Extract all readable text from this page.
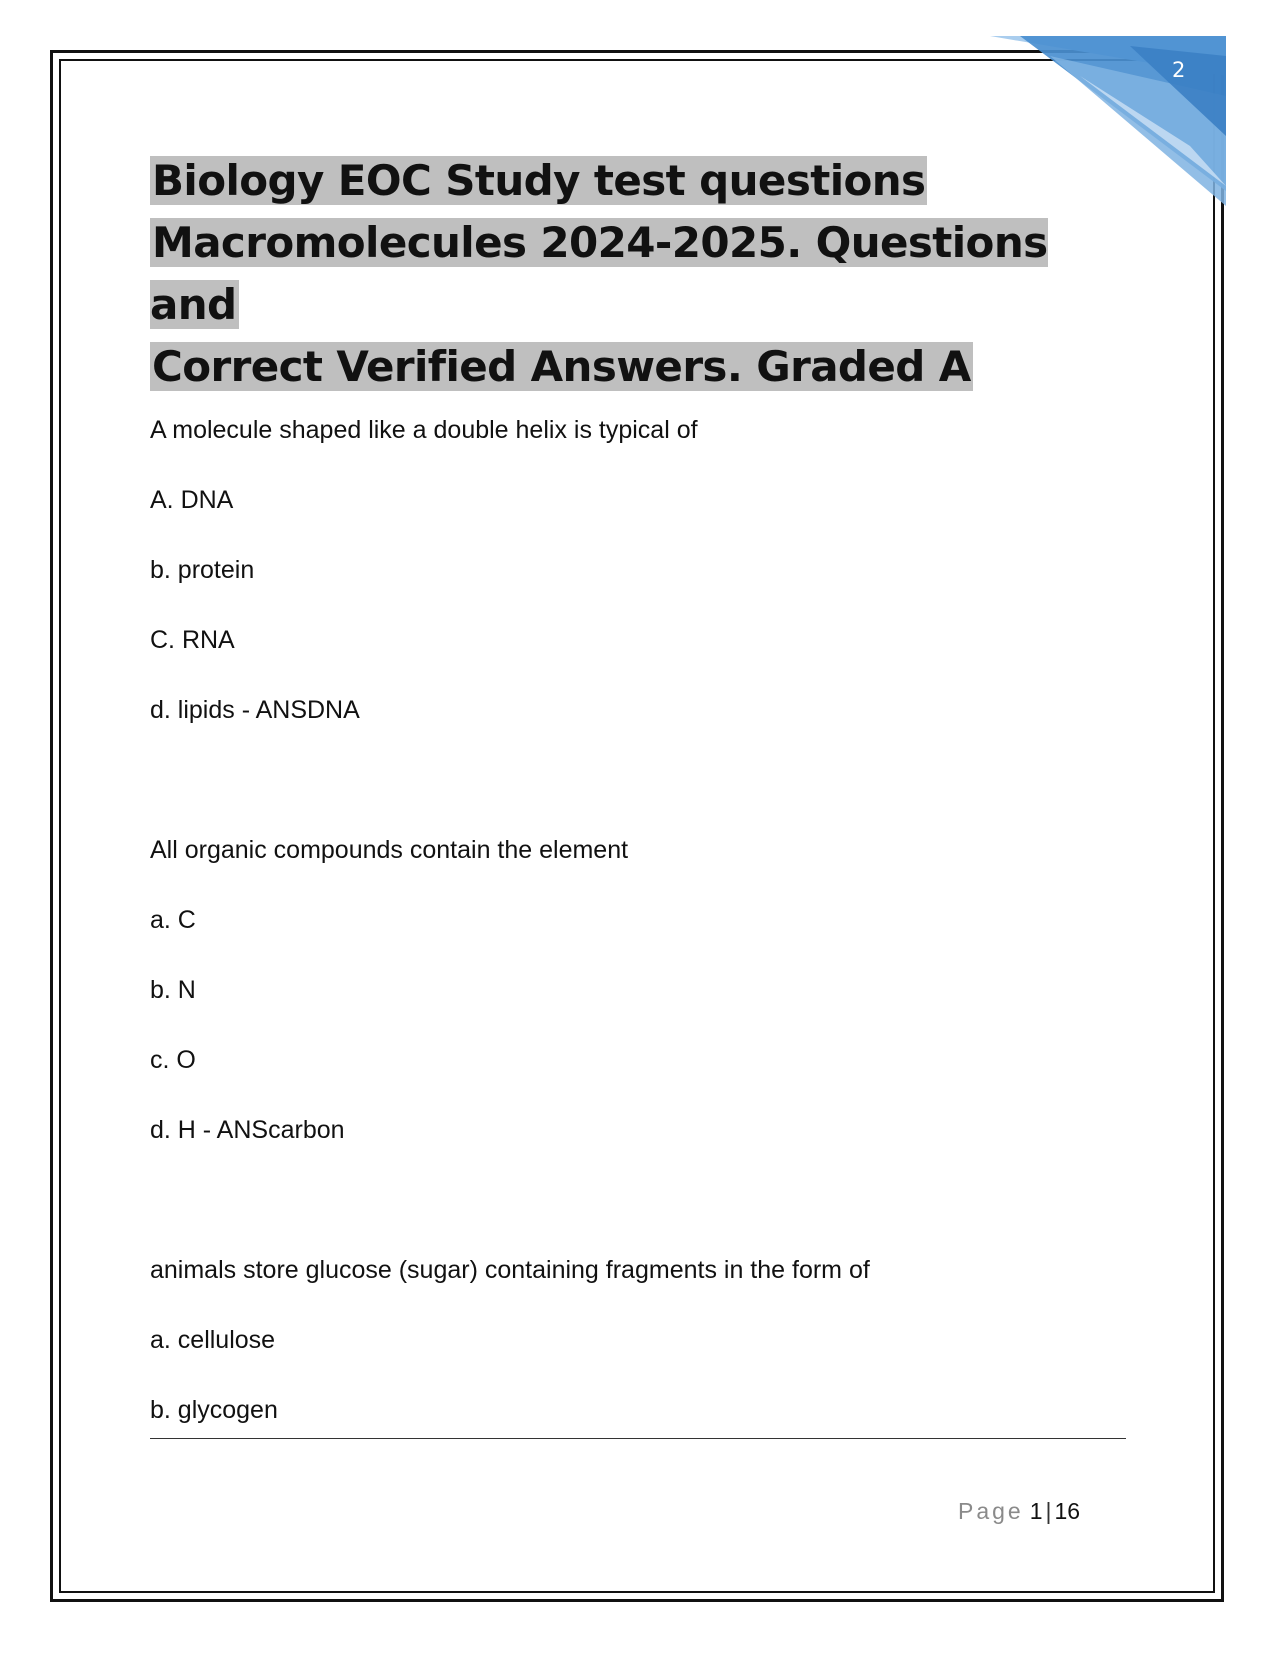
2
Biology EOC Study test questions
Macromolecules 2024-2025. Questions and
Correct Verified Answers. Graded A
A molecule shaped like a double helix is typical of
A. DNA
b. protein
C. RNA
d. lipids - ANSDNA
All organic compounds contain the element
a. C
b. N
c. O
d. H - ANScarbon
animals store glucose (sugar) containing fragments in the form of
a. cellulose
b. glycogen
Page 1 | 16
